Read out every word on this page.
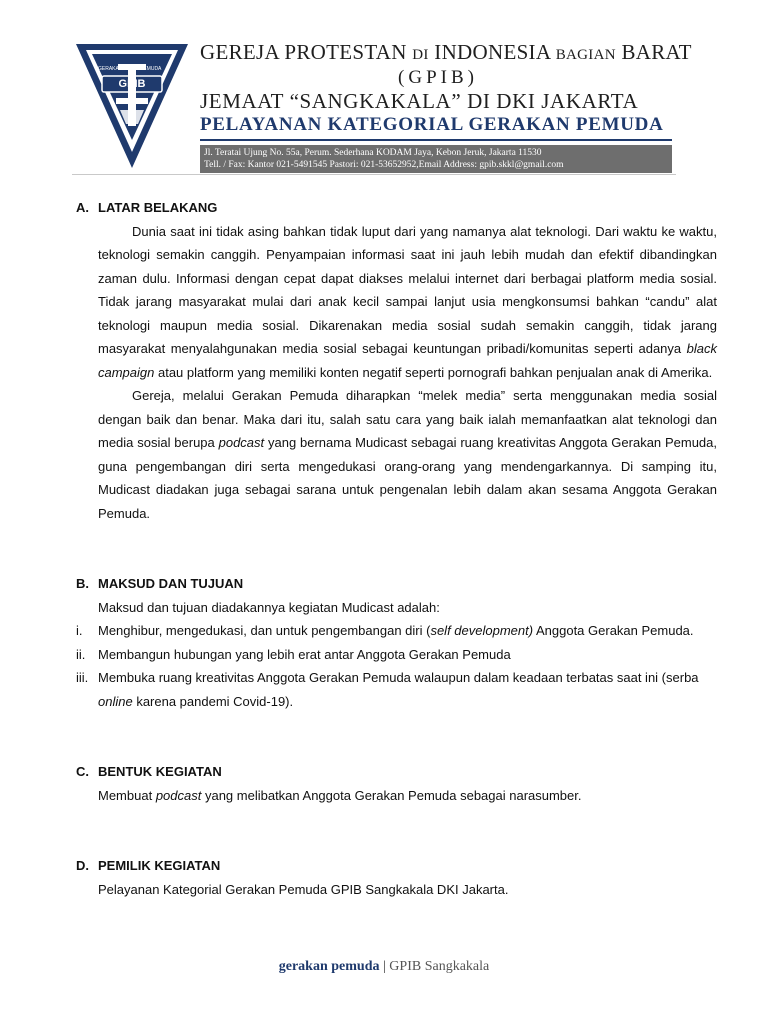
GERAKAN	PEMUDA
GPIB
GEREJA PROTESTAN DI INDONESIA BAGIAN BARAT
(GPIB)
JEMAAT “SANGKAKALA” DI DKI JAKARTA
PELAYANAN KATEGORIAL GERAKAN PEMUDA
Jl. Teratai Ujung No. 55a, Perum. Sederhana KODAM Jaya, Kebon Jeruk, Jakarta 11530
Tell. / Fax: Kantor 021-5491545 Pastori: 021-53652952,Email Address: gpib.skkl@gmail.com
A. LATAR BELAKANG

Dunia saat ini tidak asing bahkan tidak luput dari yang namanya alat teknologi. Dari waktu ke waktu, teknologi semakin canggih. Penyampaian informasi saat ini jauh lebih mudah dan efektif dibandingkan zaman dulu. Informasi dengan cepat dapat diakses melalui internet dari berbagai platform media sosial. Tidak jarang masyarakat mulai dari anak kecil sampai lanjut usia mengkonsumsi bahkan “candu” alat teknologi maupun media sosial. Dikarenakan media sosial sudah semakin canggih, tidak jarang masyarakat menyalahgunakan media sosial sebagai keuntungan pribadi/komunitas seperti adanya black campaign atau platform yang memiliki konten negatif seperti pornografi bahkan penjualan anak di Amerika.

Gereja, melalui Gerakan Pemuda diharapkan “melek media” serta menggunakan media sosial dengan baik dan benar. Maka dari itu, salah satu cara yang baik ialah memanfaatkan alat teknologi dan media sosial berupa podcast yang bernama Mudicast sebagai ruang kreativitas Anggota Gerakan Pemuda, guna pengembangan diri serta mengedukasi orang-orang yang mendengarkannya. Di samping itu, Mudicast diadakan juga sebagai sarana untuk pengenalan lebih dalam akan sesama Anggota Gerakan Pemuda.

B. MAKSUD DAN TUJUAN

Maksud dan tujuan diadakannya kegiatan Mudicast adalah:

i.	Menghibur, mengedukasi, dan untuk pengembangan diri (self development) Anggota Gerakan Pemuda.
ii. Membangun hubungan yang lebih erat antar Anggota Gerakan Pemuda
iii. Membuka ruang kreativitas Anggota Gerakan Pemuda walaupun dalam keadaan terbatas saat ini (serba online karena pandemi Covid-19).
C. BENTUK KEGIATAN

Membuat podcast yang melibatkan Anggota Gerakan Pemuda sebagai narasumber.

D. PEMILIK KEGIATAN

Pelayanan Kategorial Gerakan Pemuda GPIB Sangkakala DKI Jakarta.

gerakan pemuda | GPIB Sangkakala
